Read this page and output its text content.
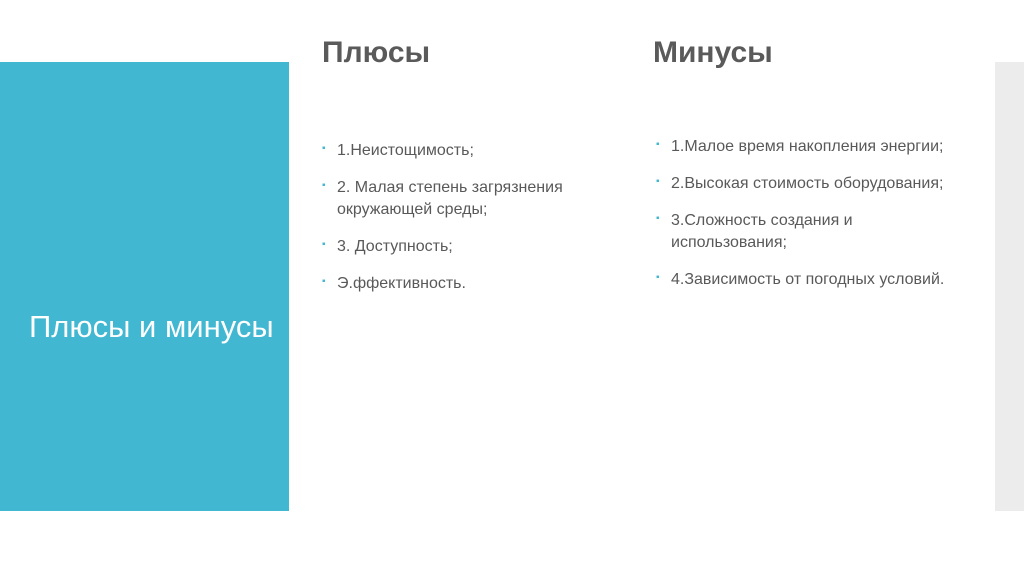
Плюсы и минусы
Плюсы	Минусы
▪ 1.Неистощимость;
▪ 2. Малая степень загрязнения окружающей среды;
▪ 3. Доступность;
▪ Э.ффективность.
▪ 1.Малое время накопления энергии;
▪ 2.Высокая стоимость оборудования;
▪ 3.Сложность создания и использования;
▪ 4.Зависимость от погодных условий.
